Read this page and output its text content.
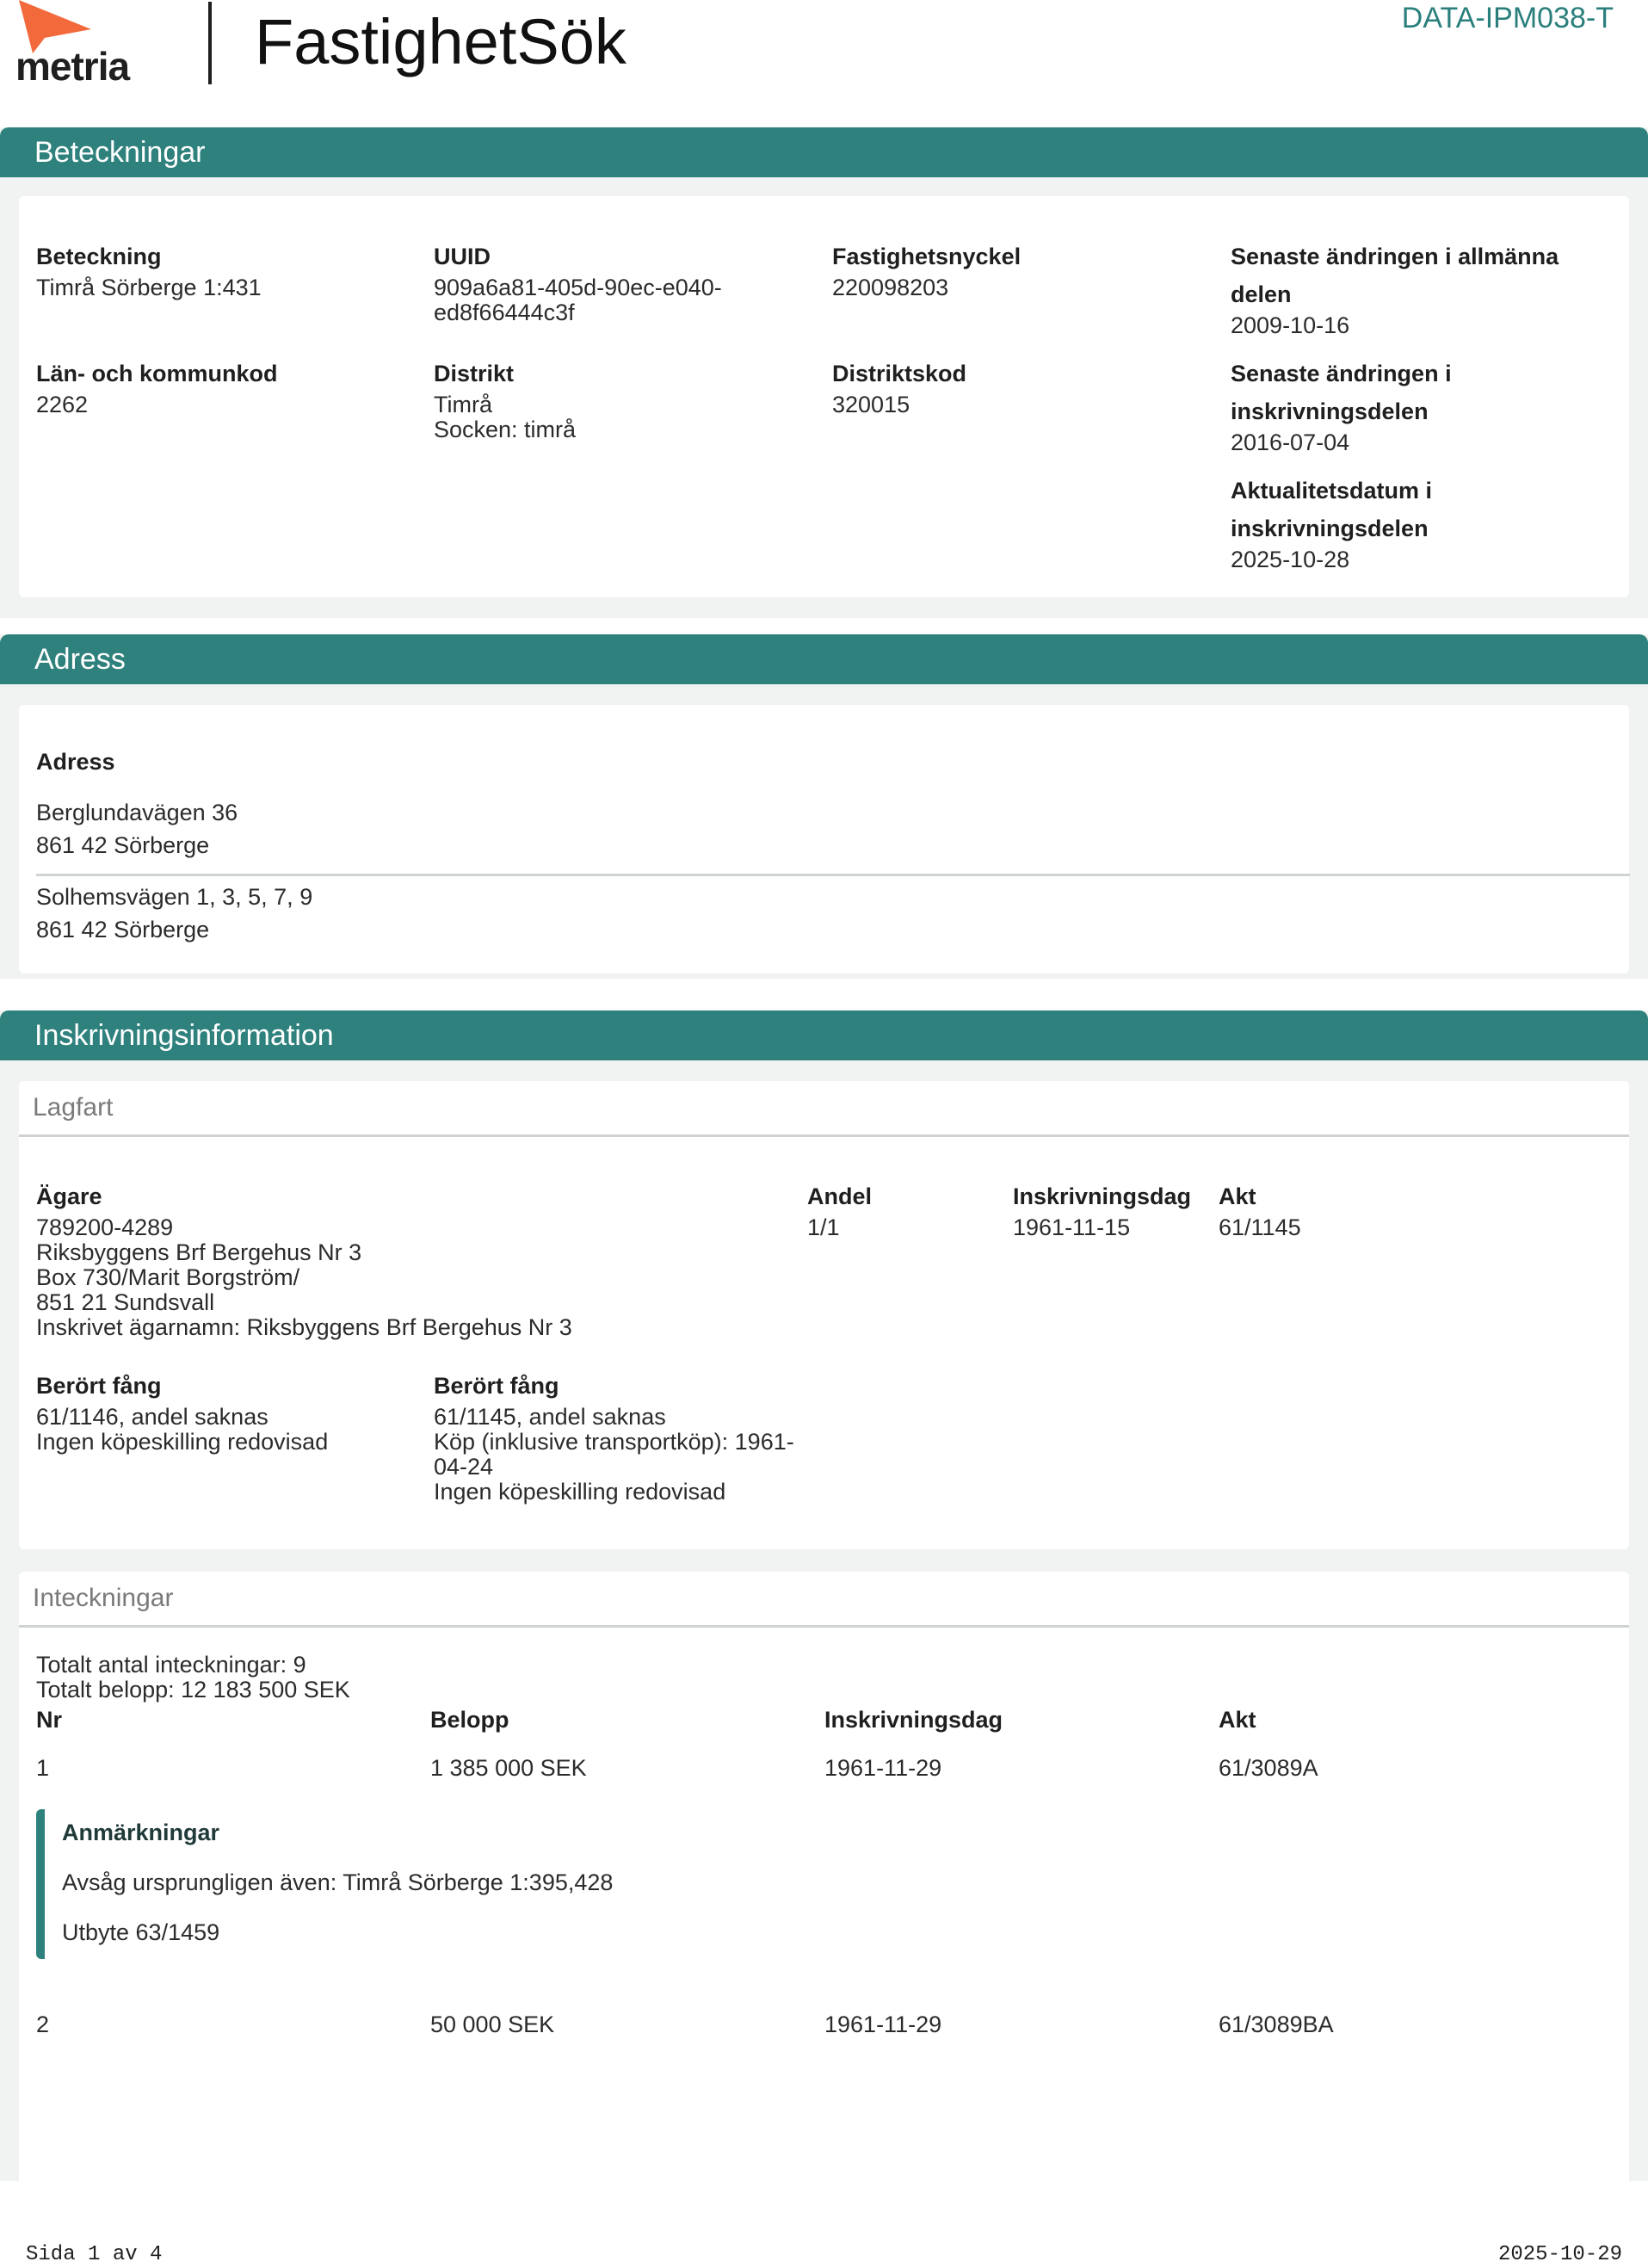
metria FastighetSök	DATA-IPM038-T
Beteckningar
Beteckning
Timrå Sörberge 1:431
Län- och kommunkod
2262
UUID
909a6a81-405d-90ec-e040-
ed8f66444c3f
Distrikt
Timrå
Socken: timrå
Fastighetsnyckel
220098203
Distriktskod
320015
Senaste ändringen i allmänna
delen
2009-10-16
Senaste ändringen i
inskrivningsdelen
2016-07-04
Aktualitetsdatum i
inskrivningsdelen
2025-10-28
Adress
Adress
Berglundavägen 36
861 42 Sörberge
Solhemsvägen 1, 3, 5, 7, 9
861 42 Sörberge
Inskrivningsinformation
Lagfart
Ägare
789200-4289
Riksbyggens Brf Bergehus Nr 3
Box 730/Marit Borgström/
851 21 Sundsvall
Inskrivet ägarnamn: Riksbyggens Brf Bergehus Nr 3
Andel
1/1
Inskrivningsdag
1961-11-15
Akt
61/1145
Berört fång
61/1146, andel saknas
Ingen köpeskilling redovisad
Berört fång
61/1145, andel saknas
Köp (inklusive transportköp): 1961-
04-24
Ingen köpeskilling redovisad
Inteckningar
Totalt antal inteckningar: 9
Totalt belopp: 12 183 500 SEK
Nr	Belopp	Inskrivningsdag	Akt
1	1 385 000 SEK	1961-11-29	61/3089A
Anmärkningar
Avsåg ursprungligen även: Timrå Sörberge 1:395,428
Utbyte 63/1459
2	50 000 SEK	1961-11-29	61/3089BA
Sida 1 av 4	2025-10-29
